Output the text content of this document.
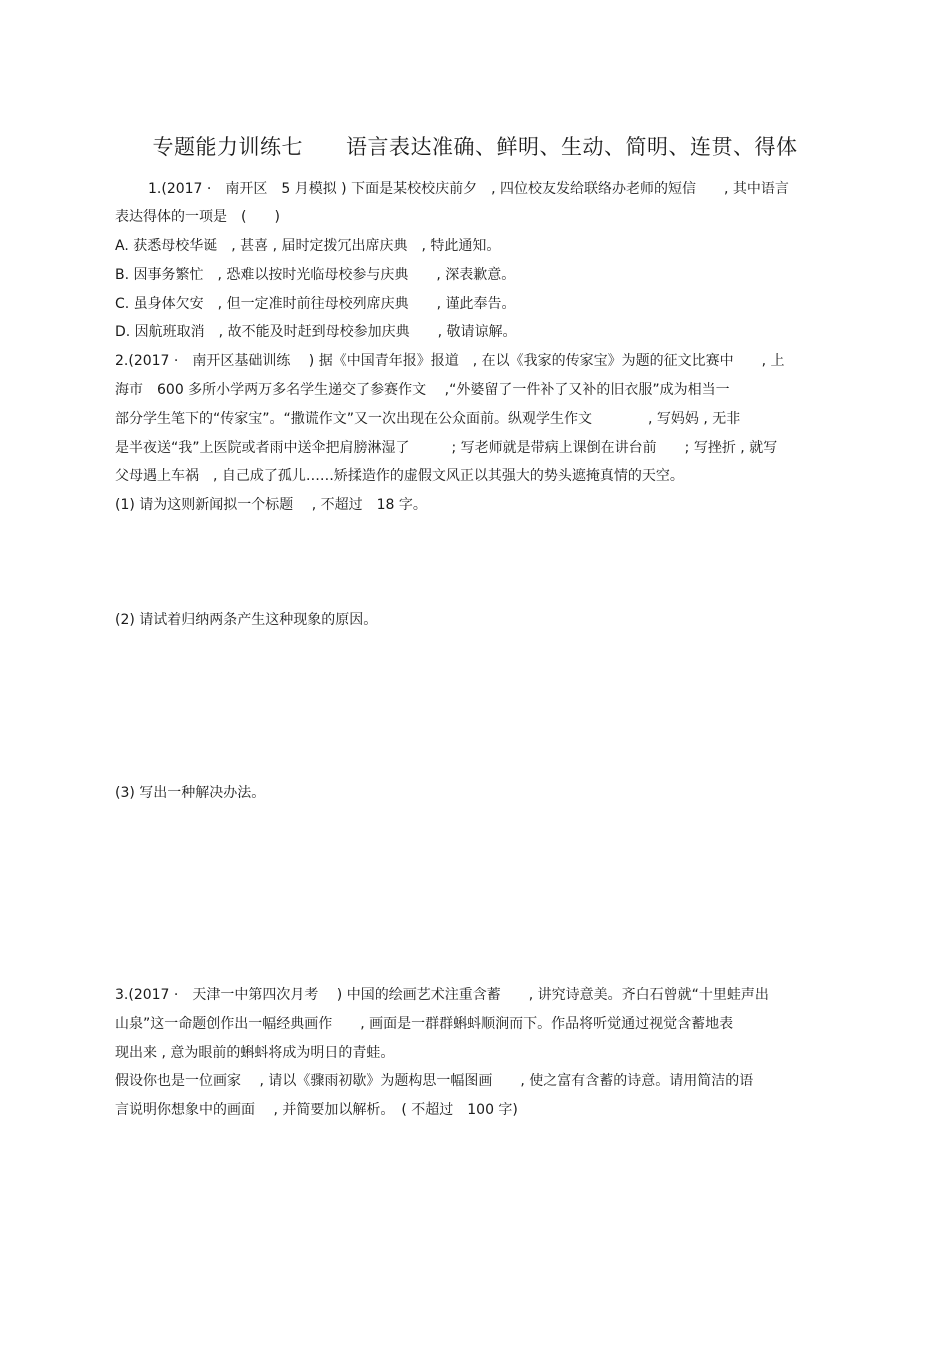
专题能力训练七　　语言表达准确、鲜明、生动、简明、连贯、得体
1.(2017 ·　南开区　5 月模拟 ) 下面是某校校庆前夕　, 四位校友发给联络办老师的短信　　, 其中语言
表达得体的一项是　(　　)
A. 获悉母校华诞　, 甚喜 , 届时定拨冗出席庆典　, 特此通知。
B. 因事务繁忙　, 恐难以按时光临母校参与庆典　　, 深表歉意。
C. 虽身体欠安　, 但一定准时前往母校列席庆典　　, 谨此奉告。
D. 因航班取消　, 故不能及时赶到母校参加庆典　　, 敬请谅解。
2.(2017 ·　南开区基础训练　 ) 据《中国青年报》报道　, 在以《我家的传家宝》为题的征文比赛中　　, 上
海市　600 多所小学两万多名学生递交了参赛作文　 ,“外婆留了一件补了又补的旧衣服”成为相当一
部分学生笔下的“传家宝”。“撒谎作文”又一次出现在公众面前。纵观学生作文　　　　, 写妈妈 , 无非
是半夜送“我”上医院或者雨中送伞把肩膀淋湿了　　　; 写老师就是带病上课倒在讲台前　　; 写挫折 , 就写
父母遇上车祸　, 自己成了孤儿……矫揉造作的虚假文风正以其强大的势头遮掩真情的天空。
(1) 请为这则新闻拟一个标题　 , 不超过　18 字。
(2) 请试着归纳两条产生这种现象的原因。
(3) 写出一种解决办法。
3.(2017 ·　天津一中第四次月考　 ) 中国的绘画艺术注重含蓄　　, 讲究诗意美。齐白石曾就“十里蛙声出
山泉”这一命题创作出一幅经典画作　　, 画面是一群群蝌蚪顺涧而下。作品将听觉通过视觉含蓄地表
现出来 , 意为眼前的蝌蚪将成为明日的青蛙。
假设你也是一位画家　 , 请以《骤雨初歇》为题构思一幅图画　　, 使之富有含蓄的诗意。请用简洁的语
言说明你想象中的画面　 , 并简要加以解析。　( 不超过　100 字)
